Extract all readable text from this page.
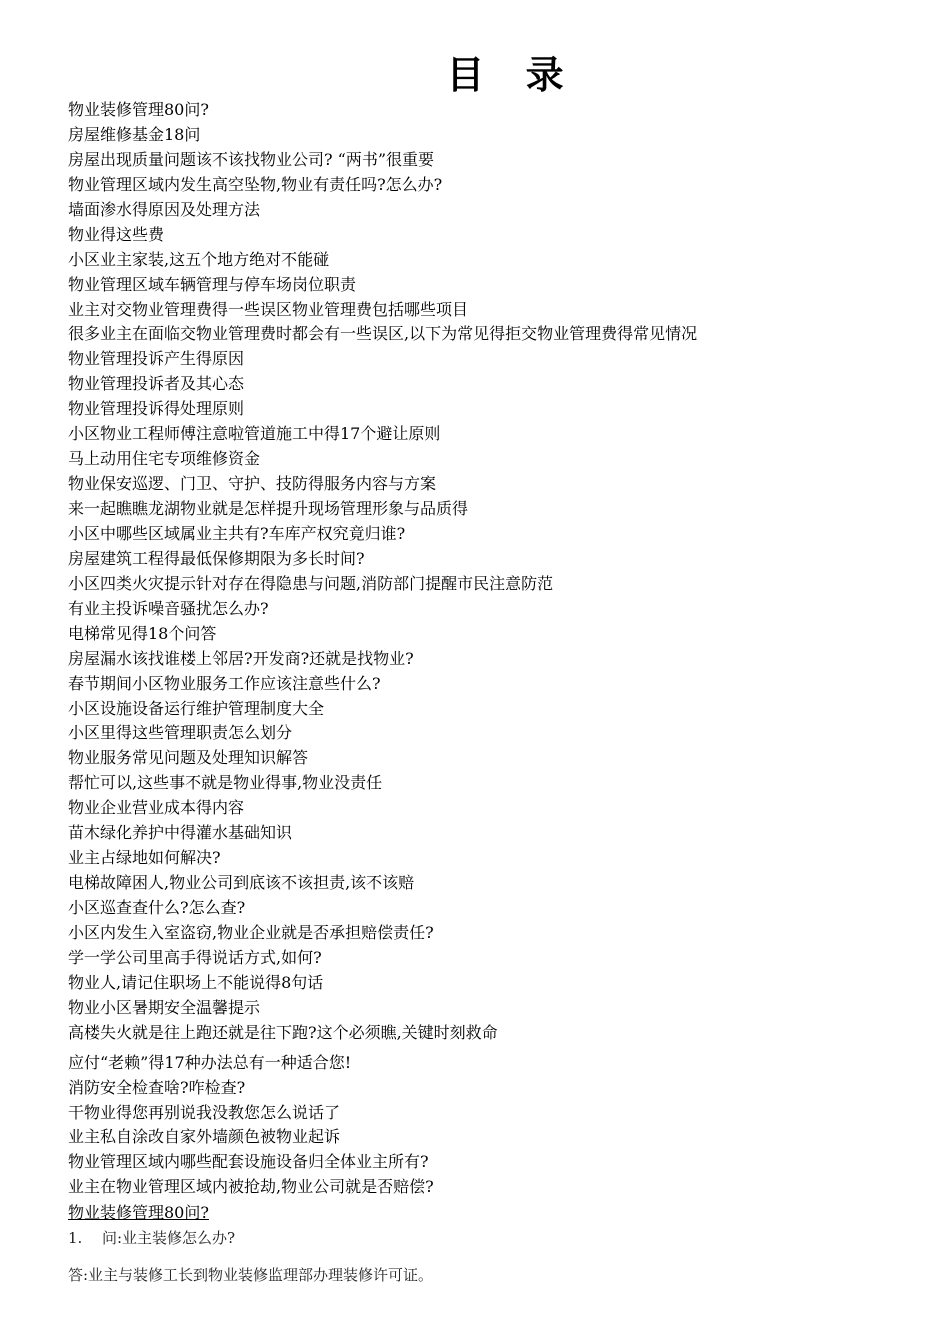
目 录
物业装修管理80问?
房屋维修基金18问
房屋出现质量问题该不该找物业公司? “两书”很重要
物业管理区域内发生高空坠物,物业有责任吗?怎么办?
墙面渗水得原因及处理方法
物业得这些费
小区业主家装,这五个地方绝对不能碰
物业管理区域车辆管理与停车场岗位职责
业主对交物业管理费得一些误区物业管理费包括哪些项目
很多业主在面临交物业管理费时都会有一些误区,以下为常见得拒交物业管理费得常见情况
物业管理投诉产生得原因
物业管理投诉者及其心态
物业管理投诉得处理原则
小区物业工程师傅注意啦管道施工中得17个避让原则
马上动用住宅专项维修资金
物业保安巡逻、门卫、守护、技防得服务内容与方案
来一起瞧瞧龙湖物业就是怎样提升现场管理形象与品质得
小区中哪些区域属业主共有?车库产权究竟归谁?
房屋建筑工程得最低保修期限为多长时间?
小区四类火灾提示针对存在得隐患与问题,消防部门提醒市民注意防范
有业主投诉噪音骚扰怎么办?
电梯常见得18个问答
房屋漏水该找谁楼上邻居?开发商?还就是找物业?
春节期间小区物业服务工作应该注意些什么?
小区设施设备运行维护管理制度大全
小区里得这些管理职责怎么划分
物业服务常见问题及处理知识解答
帮忙可以,这些事不就是物业得事,物业没责任
物业企业营业成本得内容
苗木绿化养护中得灌水基础知识
业主占绿地如何解决?
电梯故障困人,物业公司到底该不该担责,该不该赔
小区巡查查什么?怎么查?
小区内发生入室盗窃,物业企业就是否承担赔偿责任?
学一学公司里高手得说话方式,如何?
物业人,请记住职场上不能说得8句话
物业小区暑期安全温馨提示
高楼失火就是往上跑还就是往下跑?这个必须瞧,关键时刻救命
应付“老赖”得17种办法总有一种适合您!
消防安全检查啥?咋检查?
干物业得您再别说我没教您怎么说话了
业主私自涂改自家外墙颜色被物业起诉
物业管理区域内哪些配套设施设备归全体业主所有?
业主在物业管理区域内被抢劫,物业公司就是否赔偿?
物业装修管理80问?
1. 问:业主装修怎么办?
答:业主与装修工长到物业装修监理部办理装修许可证。
